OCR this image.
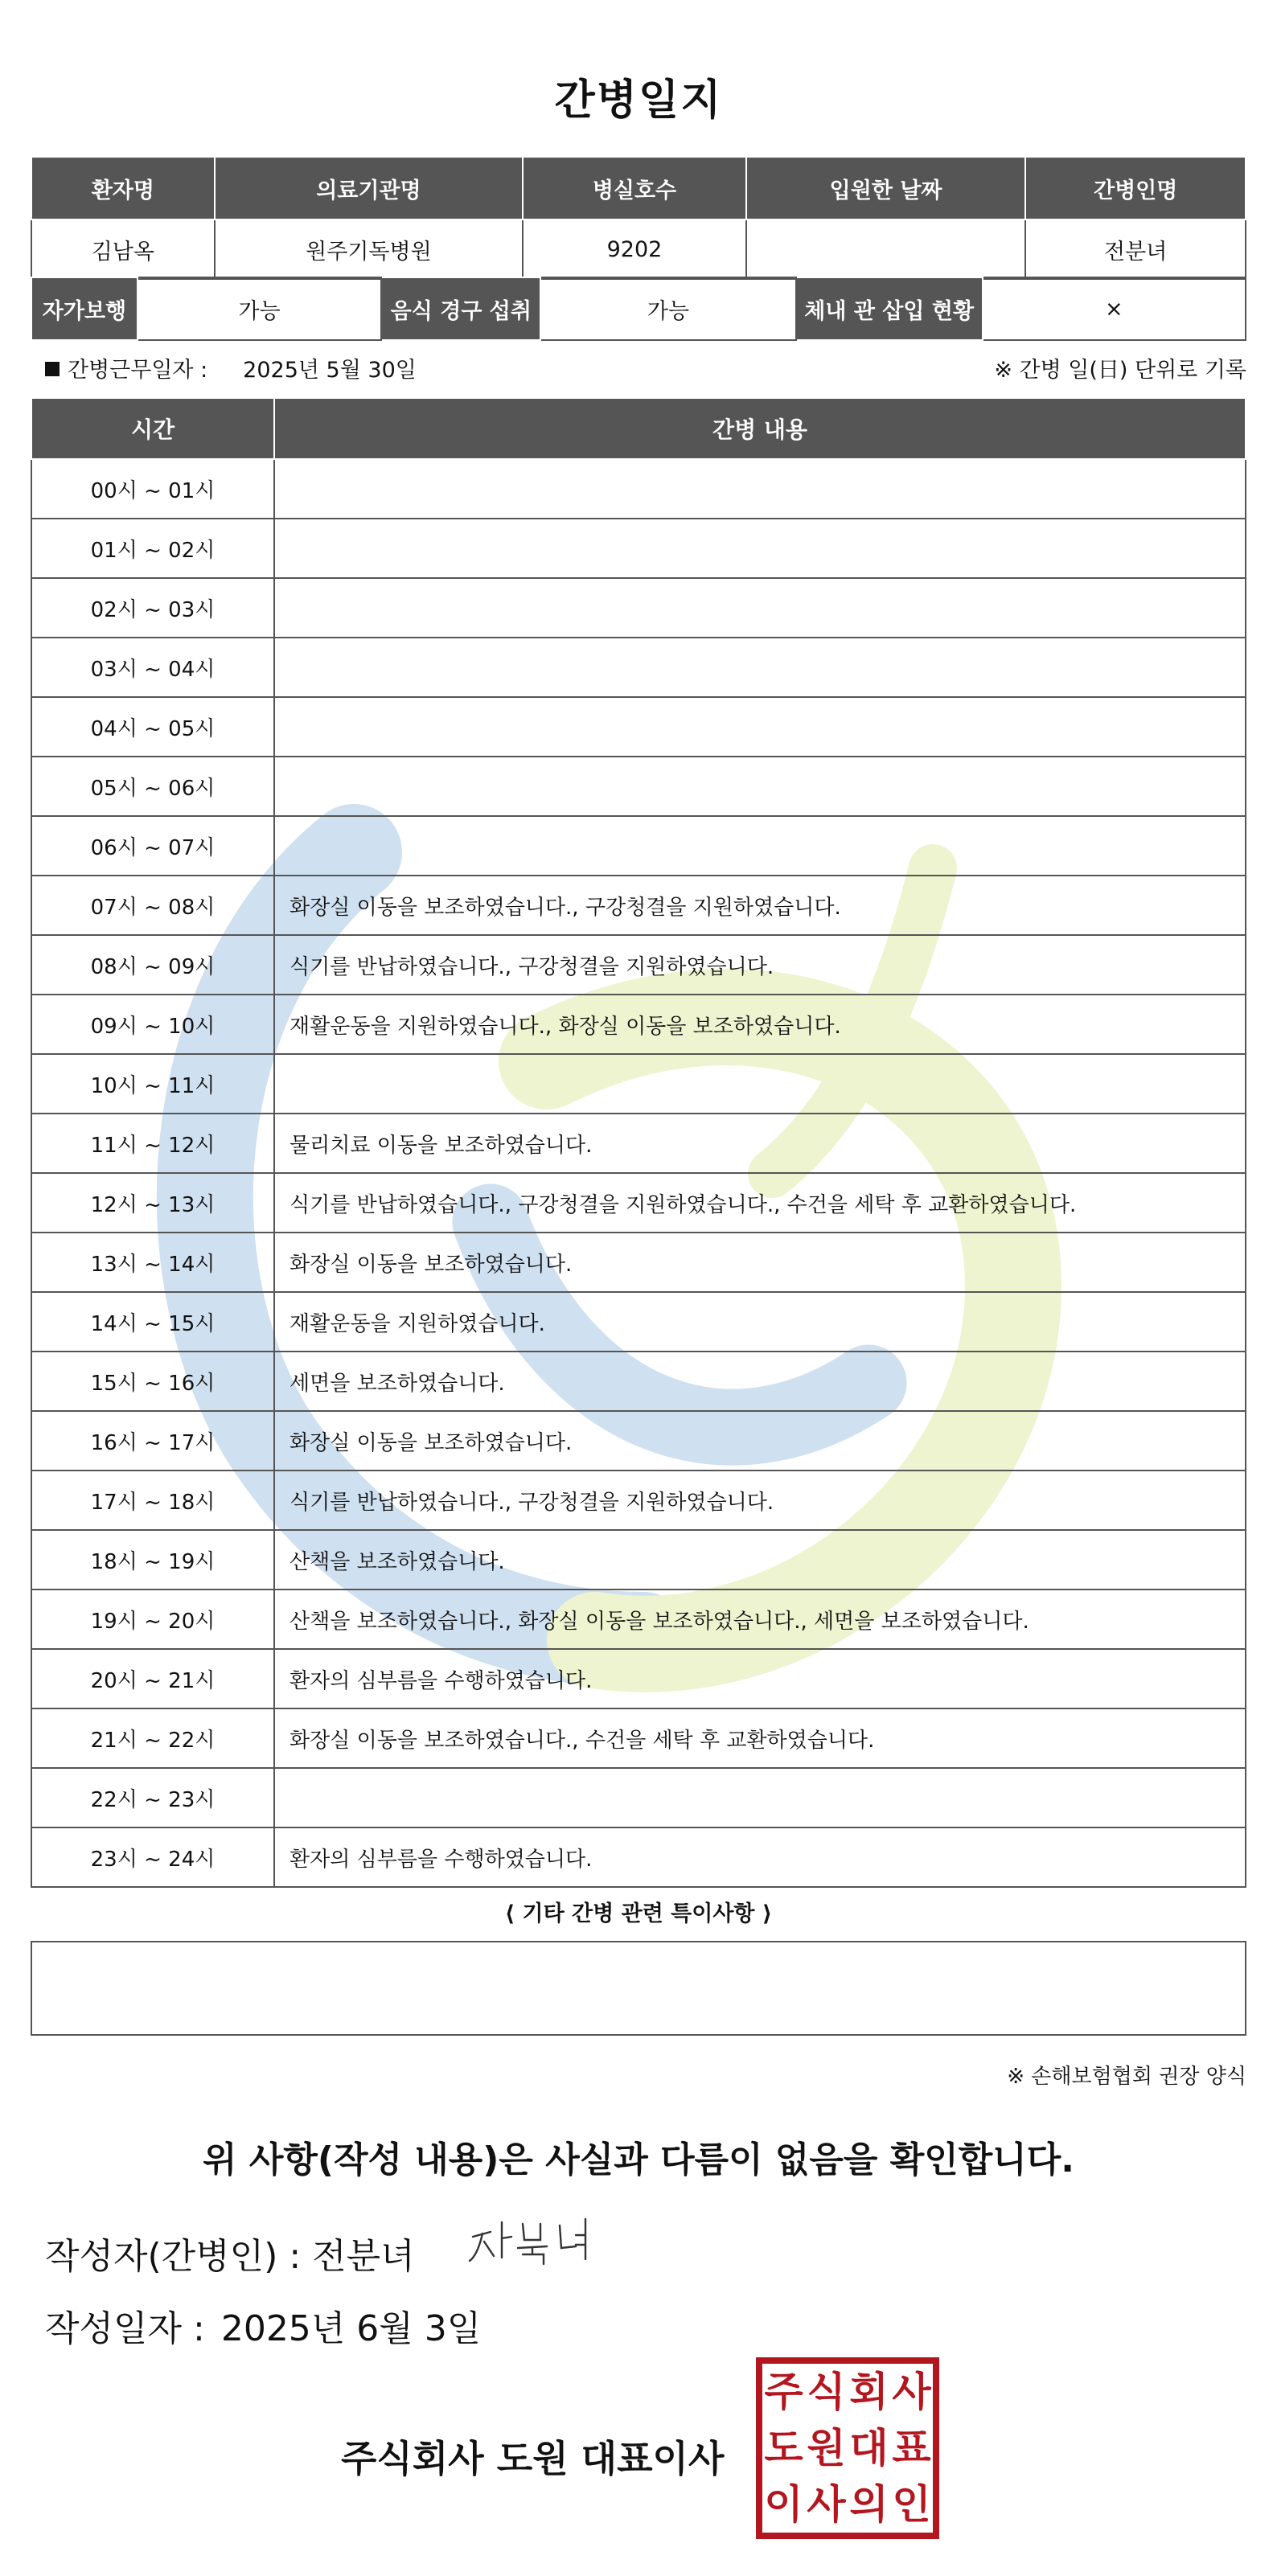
간병일지
환자명	의료기관명	병실호수	입원한 날짜	간병인명
김남옥	원주기독병원	9202		전분녀
자가보행	가능	음식 경구 섭취	가능	체내 관 삽입 현황	×
간병근무일자 : 2025년 5월 30일	※ 간병 일(日) 단위로 기록
시간	간병 내용
00시 ~ 01시	
01시 ~ 02시	
02시 ~ 03시	
03시 ~ 04시	
04시 ~ 05시	
05시 ~ 06시	
06시 ~ 07시	
07시 ~ 08시	화장실 이동을 보조하였습니다., 구강청결을 지원하였습니다.
08시 ~ 09시	식기를 반납하였습니다., 구강청결을 지원하였습니다.
09시 ~ 10시	재활운동을 지원하였습니다., 화장실 이동을 보조하였습니다.
10시 ~ 11시	
11시 ~ 12시	물리치료 이동을 보조하였습니다.
12시 ~ 13시	식기를 반납하였습니다., 구강청결을 지원하였습니다., 수건을 세탁 후 교환하였습니다.
13시 ~ 14시	화장실 이동을 보조하였습니다.
14시 ~ 15시	재활운동을 지원하였습니다.
15시 ~ 16시	세면을 보조하였습니다.
16시 ~ 17시	화장실 이동을 보조하였습니다.
17시 ~ 18시	식기를 반납하였습니다., 구강청결을 지원하였습니다.
18시 ~ 19시	산책을 보조하였습니다.
19시 ~ 20시	산책을 보조하였습니다., 화장실 이동을 보조하였습니다., 세면을 보조하였습니다.
20시 ~ 21시	환자의 심부름을 수행하였습니다.
21시 ~ 22시	화장실 이동을 보조하였습니다., 수건을 세탁 후 교환하였습니다.
22시 ~ 23시	
23시 ~ 24시	환자의 심부름을 수행하였습니다.
⟨ 기타 간병 관련 특이사항 ⟩
※ 손해보험협회 권장 양식
위 사항(작성 내용)은 사실과 다름이 없음을 확인합니다.
작성자(간병인) : 전분녀
작성일자 : 2025년 6월 3일
주식회사 도원 대표이사
주 식 회 사
도 원 대 표
이 사 의 인
